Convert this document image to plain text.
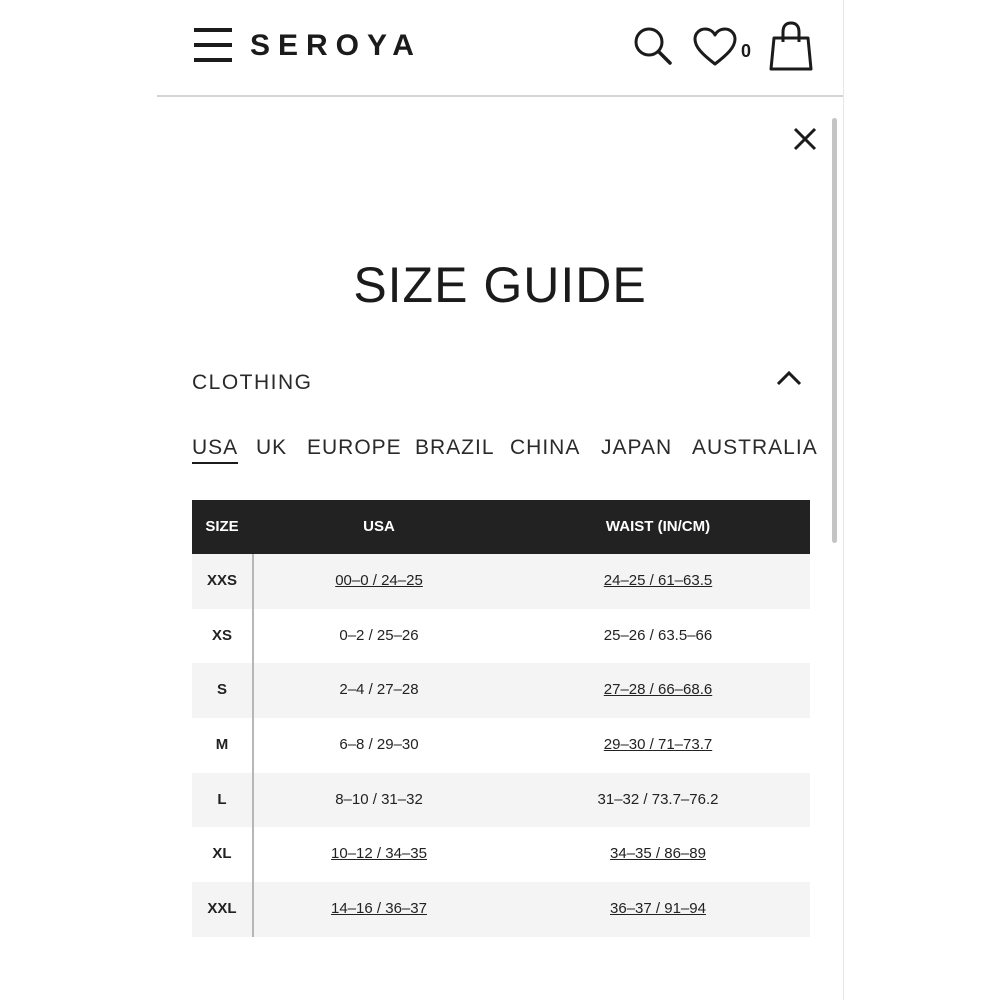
SEROYA	0
SIZE GUIDE
CLOTHING
USA UK EUROPE BRAZIL CHINA JAPAN AUSTRALIA
SIZE	USA	WAIST (IN/CM)
XXS	00–0 / 24–25	24–25 / 61–63.5
XS	0–2 / 25–26	25–26 / 63.5–66
S	2–4 / 27–28	27–28 / 66–68.6
M	6–8 / 29–30	29–30 / 71–73.7
L	8–10 / 31–32	31–32 / 73.7–76.2
XL	10–12 / 34–35	34–35 / 86–89
XXL	14–16 / 36–37	36–37 / 91–94
